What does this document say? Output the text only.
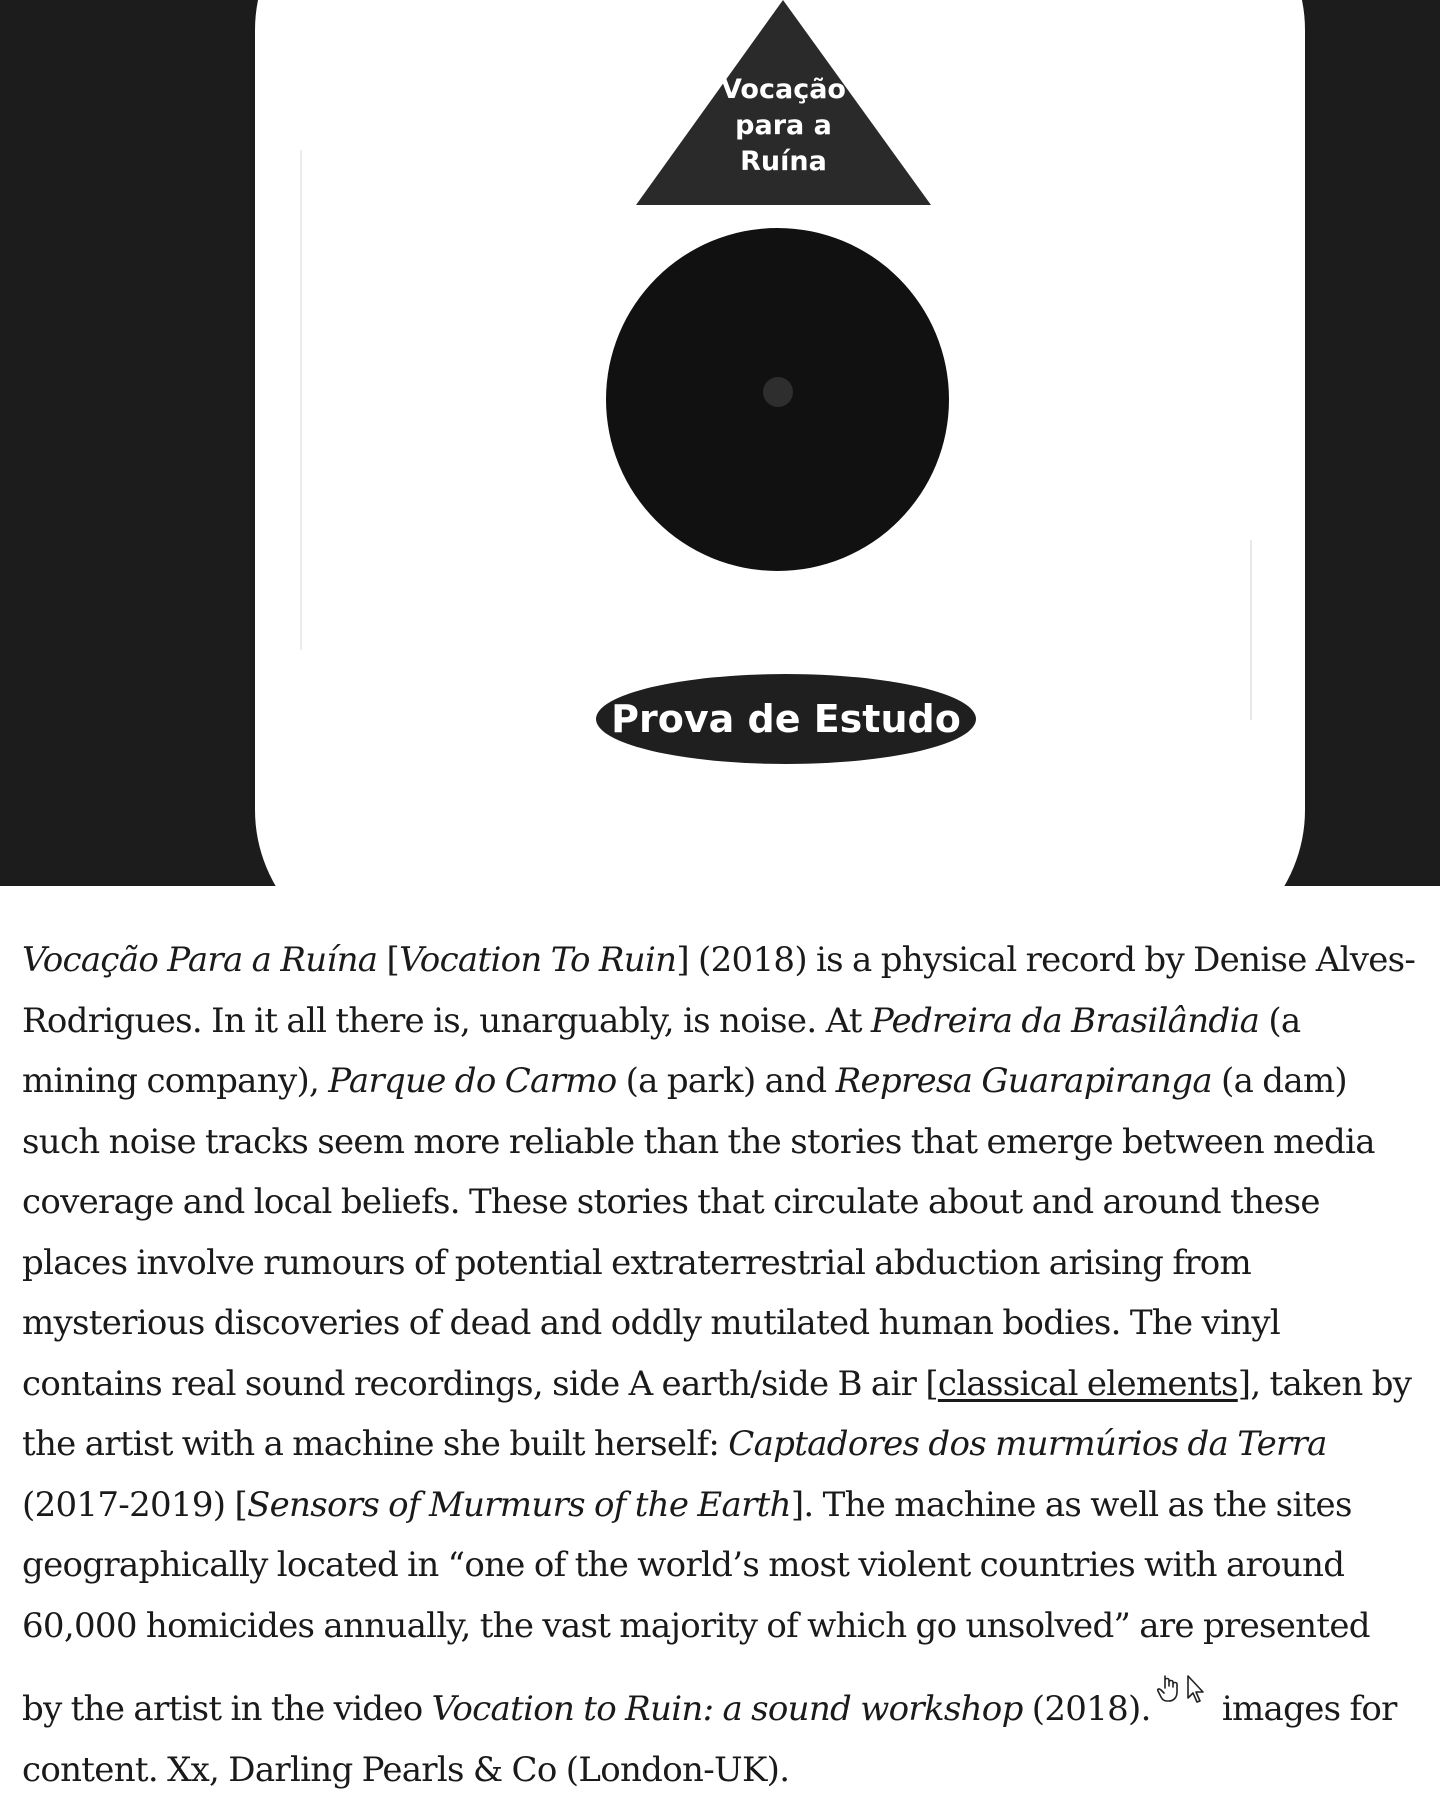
Vocação
para a
Ruína
Prova de Estudo

Vocação Para a Ruína [Vocation To Ruin] (2018) is a physical record by Denise Alves-Rodrigues. In it all there is, unarguably, is noise. At Pedreira da Brasilândia (a mining company), Parque do Carmo (a park) and Represa Guarapiranga (a dam) such noise tracks seem more reliable than the stories that emerge between media coverage and local beliefs. These stories that circulate about and around these places involve rumours of potential extraterrestrial abduction arising from mysterious discoveries of dead and oddly mutilated human bodies. The vinyl contains real sound recordings, side A earth/side B air [classical elements], taken by the artist with a machine she built herself: Captadores dos murmúrios da Terra (2017-2019) [Sensors of Murmurs of the Earth]. The machine as well as the sites geographically located in “one of the world’s most violent countries with around 60,000 homicides annually, the vast majority of which go unsolved” are presented

by the artist in the video Vocation to Ruin: a sound workshop (2018).
images for content. Xx, Darling Pearls & Co (London-UK).
